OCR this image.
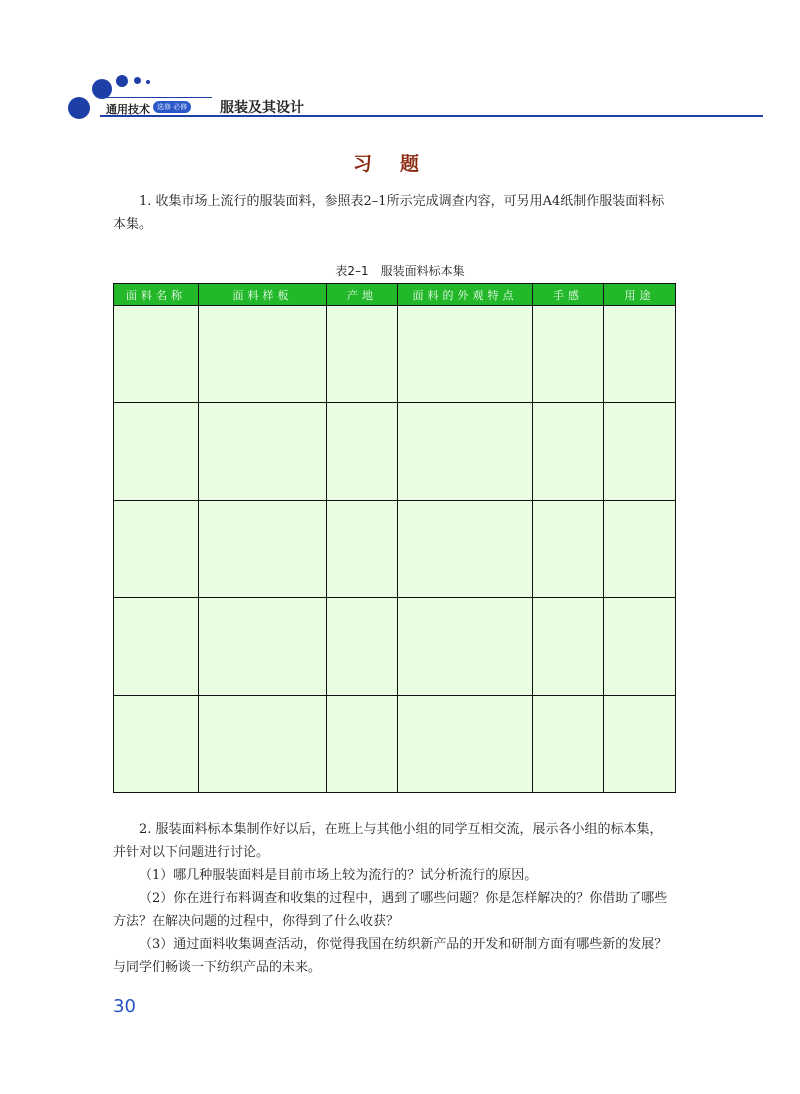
通用技术	选修 必修 服装及其设计
习题
1. 收集市场上流行的服装面料，参照表2–1所示完成调查内容，可另用A4纸制作服装面料标本集。
表2–1　服装面料标本集
面料名称	面料样板	产地	面料的外观特点	手感	用途

2. 服装面料标本集制作好以后，在班上与其他小组的同学互相交流，展示各小组的标本集，并针对以下问题进行讨论。
（1）哪几种服装面料是目前市场上较为流行的？试分析流行的原因。
（2）你在进行布料调查和收集的过程中，遇到了哪些问题？你是怎样解决的？你借助了哪些方法？在解决问题的过程中，你得到了什么收获？
（3）通过面料收集调查活动，你觉得我国在纺织新产品的开发和研制方面有哪些新的发展？与同学们畅谈一下纺织产品的未来。
30
